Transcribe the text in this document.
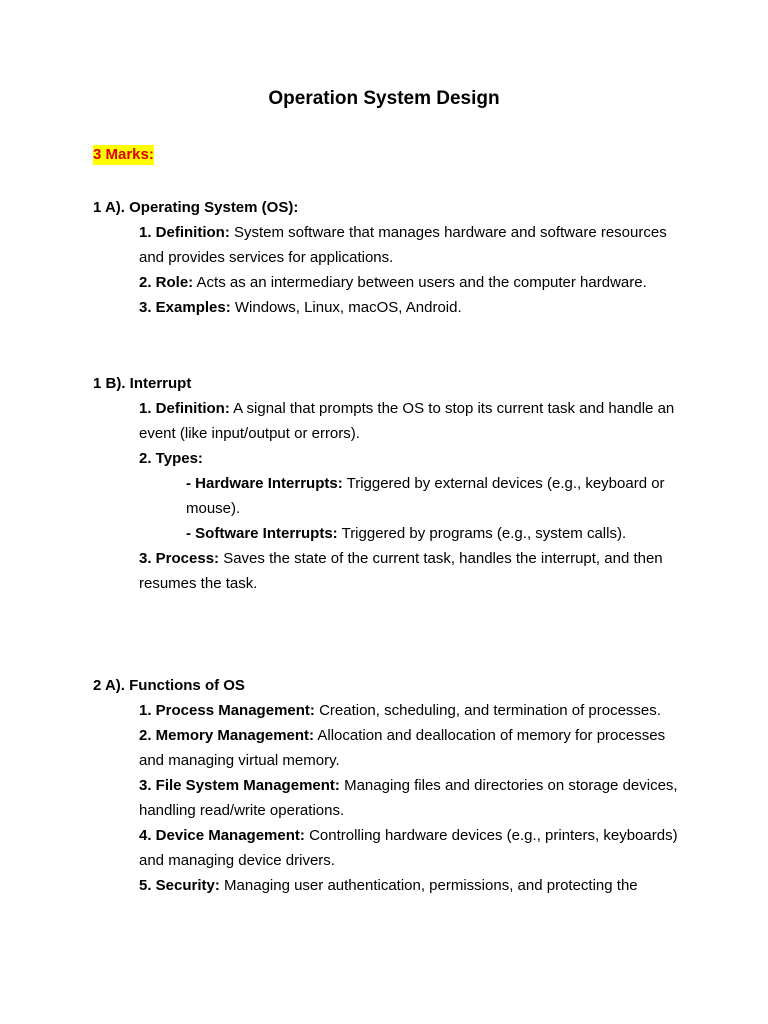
Operation System Design
3 Marks:
1 A). Operating System (OS):
1. Definition: System software that manages hardware and software resources and provides services for applications.
2. Role: Acts as an intermediary between users and the computer hardware.
3. Examples: Windows, Linux, macOS, Android.
1 B). Interrupt
1. Definition: A signal that prompts the OS to stop its current task and handle an event (like input/output or errors).
2. Types:
- Hardware Interrupts: Triggered by external devices (e.g., keyboard or mouse).
- Software Interrupts: Triggered by programs (e.g., system calls).
3. Process: Saves the state of the current task, handles the interrupt, and then resumes the task.
2 A). Functions of OS
1. Process Management: Creation, scheduling, and termination of processes.
2. Memory Management: Allocation and deallocation of memory for processes and managing virtual memory.
3. File System Management: Managing files and directories on storage devices, handling read/write operations.
4. Device Management: Controlling hardware devices (e.g., printers, keyboards) and managing device drivers.
5. Security: Managing user authentication, permissions, and protecting the
